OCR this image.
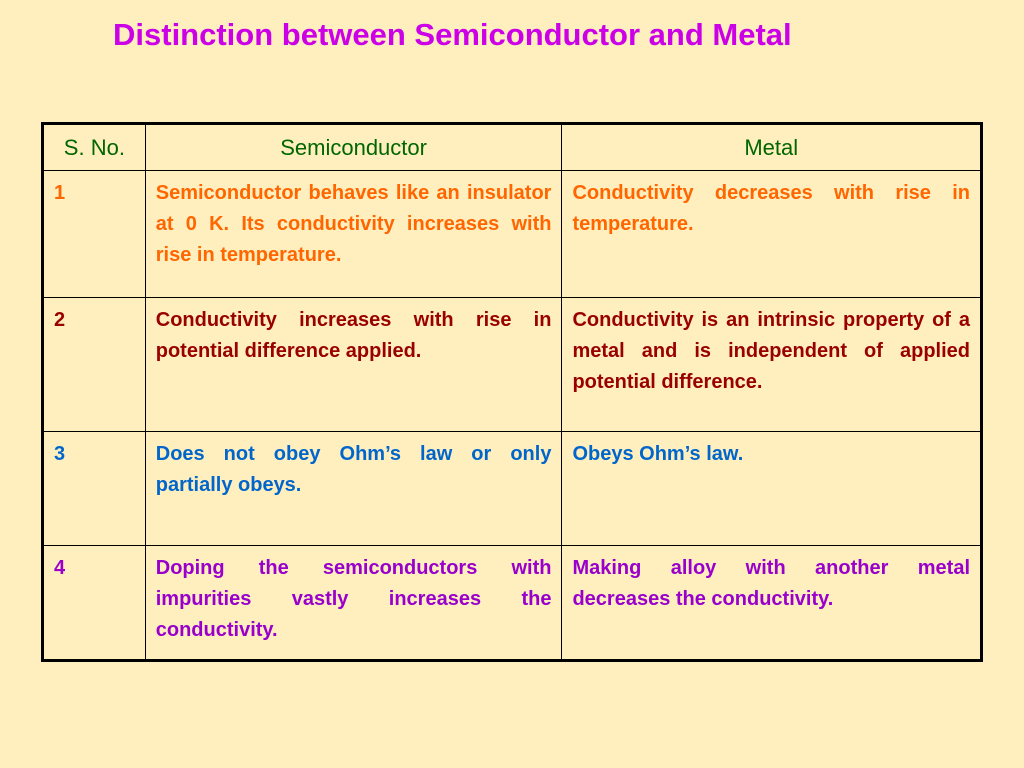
Distinction between Semiconductor and Metal
S. No.	Semiconductor	Metal
1	Semiconductor behaves like an insulator at 0 K. Its conductivity increases with rise in temperature.	Conductivity decreases with rise in temperature.
2	Conductivity increases with rise in potential difference applied.	Conductivity is an intrinsic property of a metal and is independent of applied potential difference.
3	Does not obey Ohm’s law or only partially obeys.	Obeys Ohm’s law.
4	Doping the semiconductors with impurities vastly increases the conductivity.	Making alloy with another metal decreases the conductivity.
